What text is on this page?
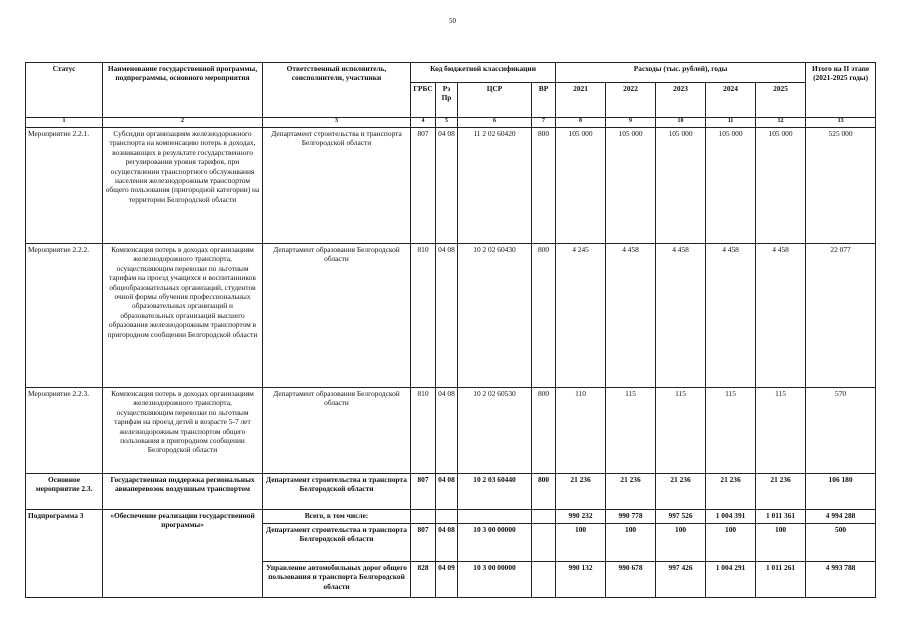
50
Статус	Наименование государственной программы, подпрограммы, основного мероприятия	Ответственный исполнитель, соисполнители, участники	Код бюджетной классификации				Расходы (тыс. рублей), годы					Итого на II этапе (2021-2025 годы)
			ГРБС	Рз Пр	ЦСР	ВР	2021	2022	2023	2024	2025	
1	2	3	4	5	6	7	8	9	10	11	12	13
Мероприятие 2.2.1.	Субсидии организациям железнодорожного транспорта на компенсацию потерь в доходах, возникающих в результате государственного регулирования уровня тарифов, при осуществлении транспортного обслуживания населения железнодорожным транспортом общего пользования (пригородной категории) на территории Белгородской области	Департамент строительства и транспорта Белгородской области	807	04 08	11 2 02 60420	800	105 000	105 000	105 000	105 000	105 000	525 000
Мероприятие 2.2.2.	Компенсация потерь в доходах организациям железнодорожного транспорта, осуществляющим перевозки по льготным тарифам на проезд учащихся и воспитанников общеобразовательных организаций, студентов очной формы обучения профессиональных образовательных организаций и образовательных организаций высшего образования железнодорожным транспортом в пригородном сообщении Белгородской области	Департамент образования Белгородской области	810	04 08	10 2 02 60430	800	4 245	4 458	4 458	4 458	4 458	22 077
Мероприятие 2.2.3.	Компенсация потерь в доходах организациям железнодорожного транспорта, осуществляющим перевозки по льготным тарифам на проезд детей в возрасте 5-7 лет железнодорожным транспортом общего пользования в пригородном сообщении Белгородской области	Департамент образования Белгородской области	810	04 08	10 2 02 60530	800	110	115	115	115	115	570
Основное мероприятие 2.3.	Государственная поддержка региональных авиаперевозок воздушным транспортом	Департамент строительства и транспорта Белгородской области	807	04 08	10 2 03 60440	800	21 236	21 236	21 236	21 236	21 236	106 180
Подпрограмма 3	«Обеспечение реализации государственной программы»	Всего, в том числе:					990 232	990 778	997 526	1 004 391	1 011 361	4 994 288
		Департамент строительства и транспорта Белгородской области	807	04 08	10 3 00 00000		100	100	100	100	100	500
		Управление автомобильных дорог общего пользования и транспорта Белгородской области	828	04 09	10 3 00 00000		990 132	990 678	997 426	1 004 291	1 011 261	4 993 788
